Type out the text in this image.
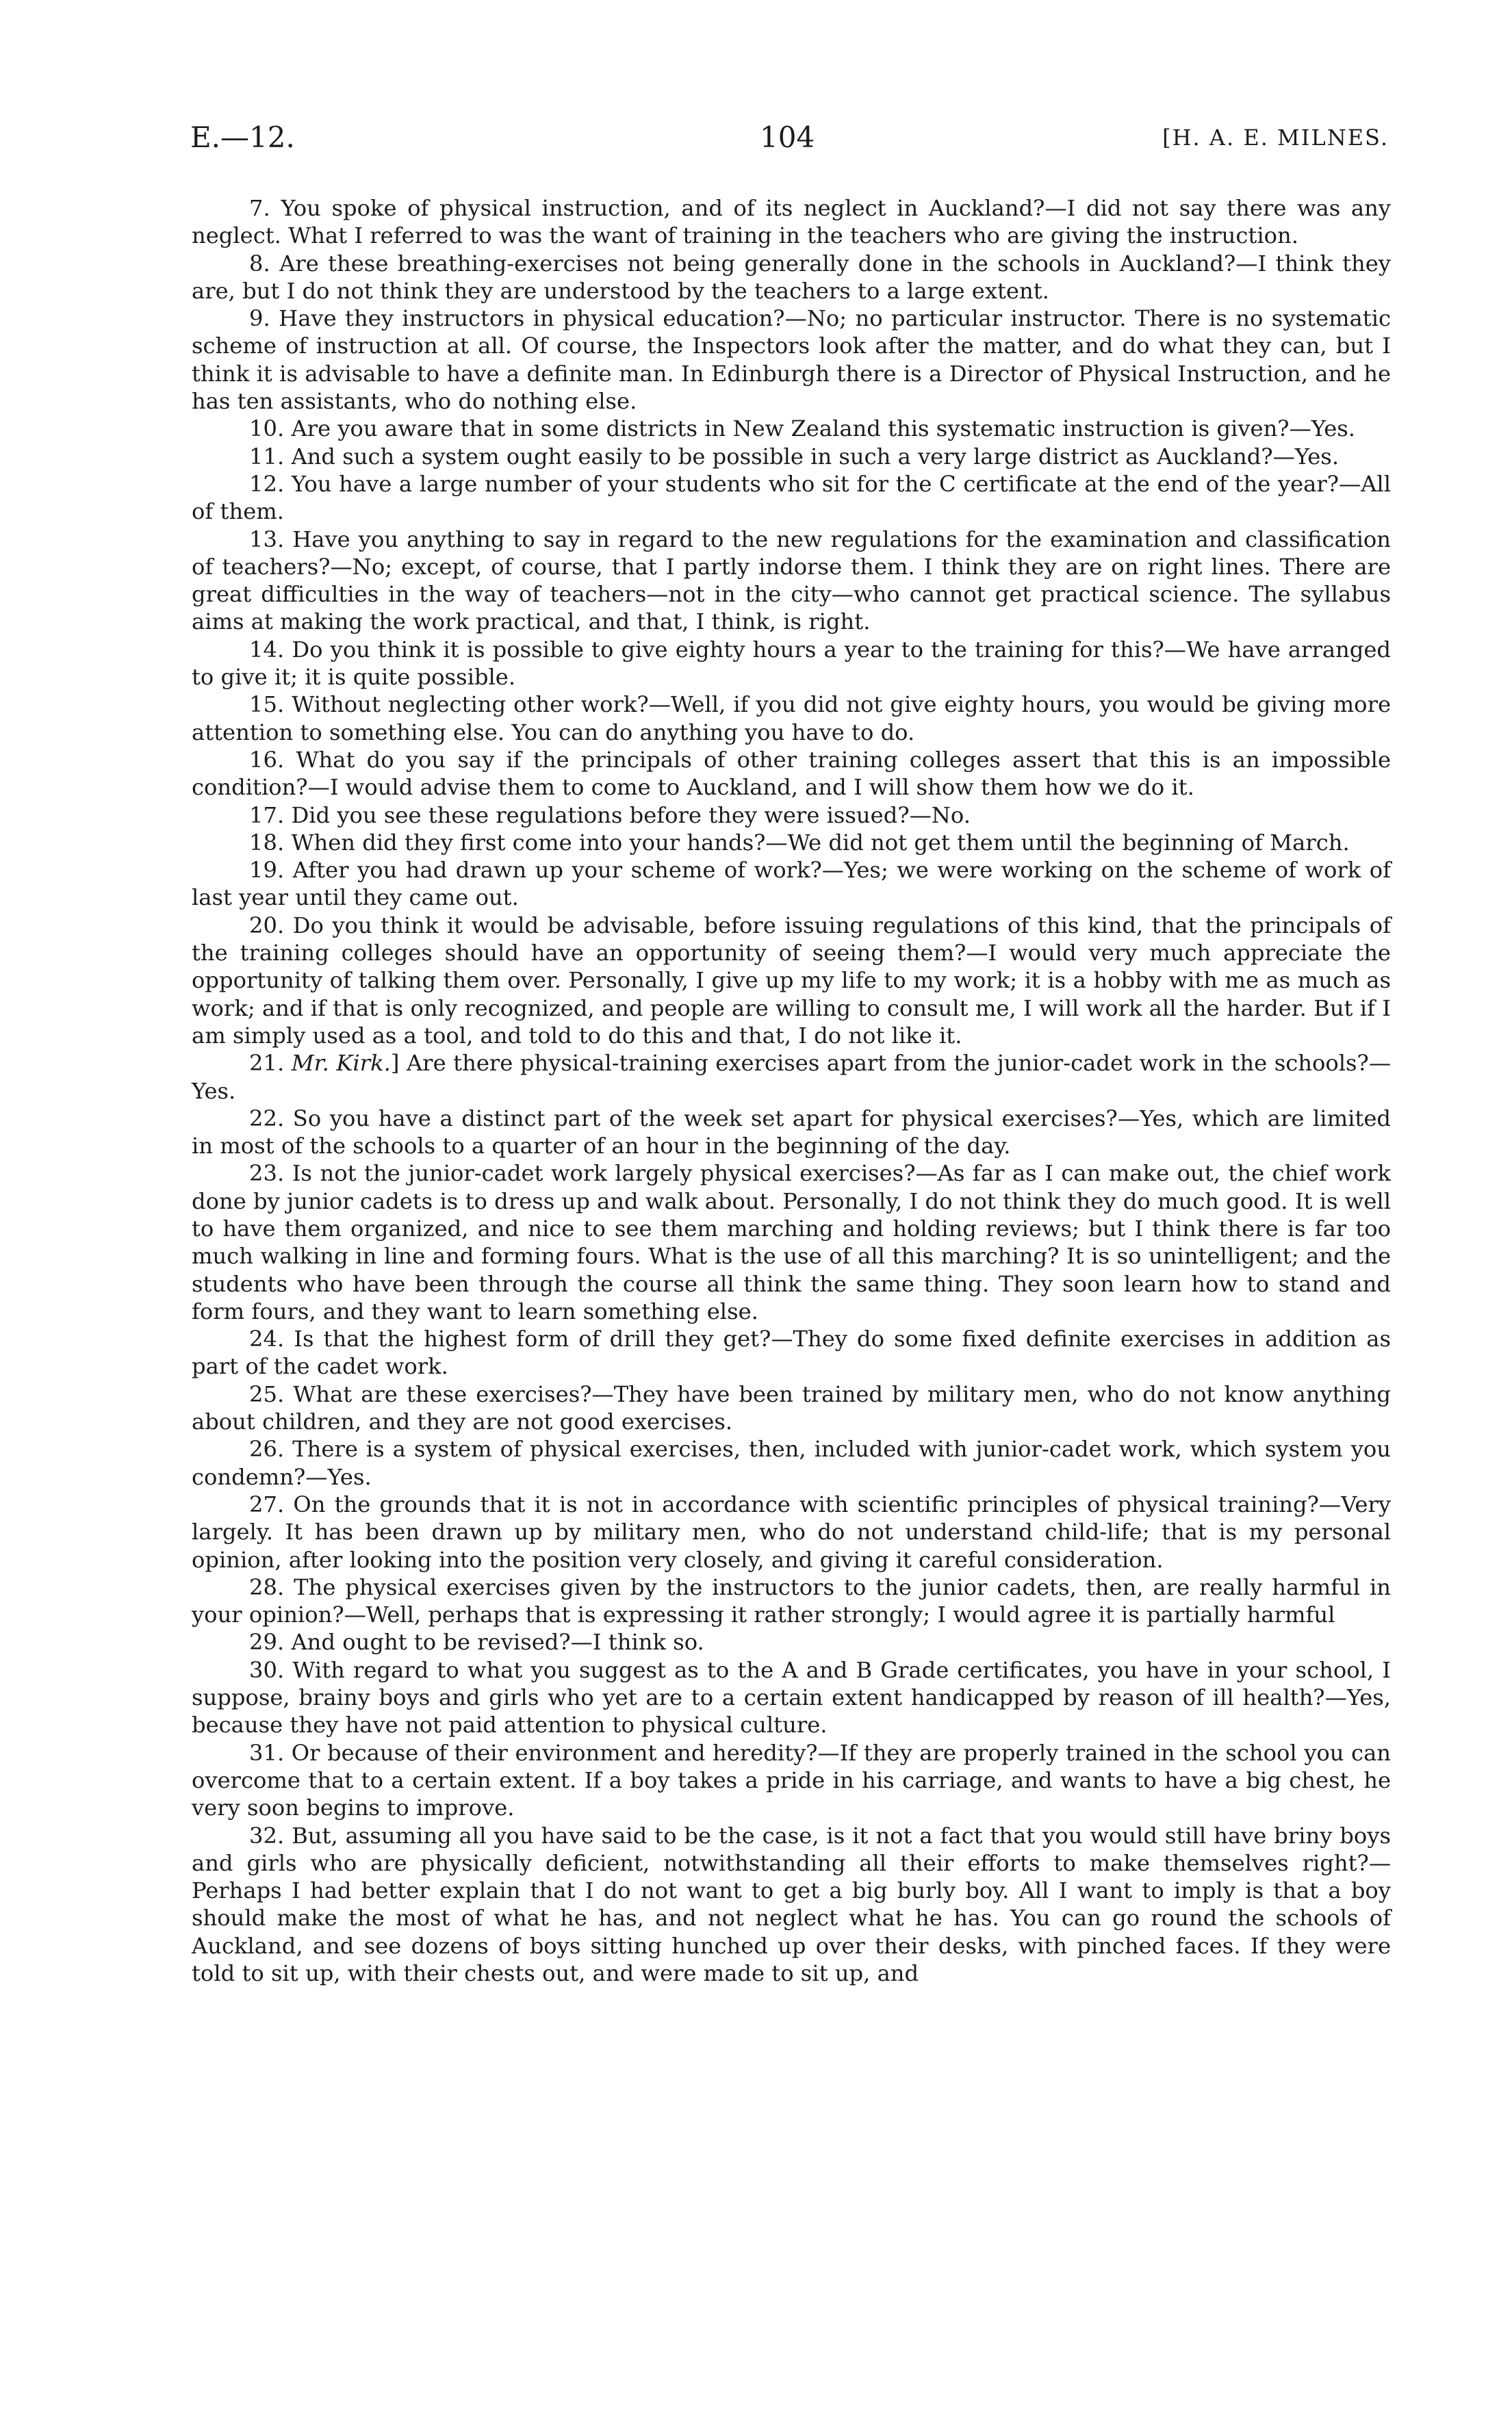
E.—12.	104	[H. A. E. MILNES.

7. You spoke of physical instruction, and of its neglect in Auckland?—I did not say there was any neglect. What I referred to was the want of training in the teachers who are giving the instruction.

8. Are these breathing-exercises not being generally done in the schools in Auckland?—I think they are, but I do not think they are understood by the teachers to a large extent.

9. Have they instructors in physical education?—No; no particular instructor. There is no systematic scheme of instruction at all. Of course, the Inspectors look after the matter, and do what they can, but I think it is advisable to have a definite man. In Edinburgh there is a Director of Physical Instruction, and he has ten assistants, who do nothing else.

10. Are you aware that in some districts in New Zealand this systematic instruction is given?—Yes.

11. And such a system ought easily to be possible in such a very large district as Auckland?—Yes.

12. You have a large number of your students who sit for the C certificate at the end of the year?—All of them.

13. Have you anything to say in regard to the new regulations for the examination and classification of teachers?—No; except, of course, that I partly indorse them. I think they are on right lines. There are great difficulties in the way of teachers—not in the city—who cannot get practical science. The syllabus aims at making the work practical, and that, I think, is right.

14. Do you think it is possible to give eighty hours a year to the training for this?—We have arranged to give it; it is quite possible.

15. Without neglecting other work?—Well, if you did not give eighty hours, you would be giving more attention to something else. You can do anything you have to do.

16. What do you say if the principals of other training colleges assert that this is an impossible condition?—I would advise them to come to Auckland, and I will show them how we do it.

17. Did you see these regulations before they were issued?—No.

18. When did they first come into your hands?—We did not get them until the beginning of March.

19. After you had drawn up your scheme of work?—Yes; we were working on the scheme of work of last year until they came out.

20. Do you think it would be advisable, before issuing regulations of this kind, that the principals of the training colleges should have an opportunity of seeing them?—I would very much appreciate the opportunity of talking them over. Personally, I give up my life to my work; it is a hobby with me as much as work; and if that is only recognized, and people are willing to consult me, I will work all the harder. But if I am simply used as a tool, and told to do this and that, I do not like it.

21. Mr. Kirk.] Are there physical-training exercises apart from the junior-cadet work in the schools?—Yes.

22. So you have a distinct part of the week set apart for physical exercises?—Yes, which are limited in most of the schools to a quarter of an hour in the beginning of the day.

23. Is not the junior-cadet work largely physical exercises?—As far as I can make out, the chief work done by junior cadets is to dress up and walk about. Personally, I do not think they do much good. It is well to have them organized, and nice to see them marching and holding reviews; but I think there is far too much walking in line and forming fours. What is the use of all this marching? It is so unintelligent; and the students who have been through the course all think the same thing. They soon learn how to stand and form fours, and they want to learn something else.

24. Is that the highest form of drill they get?—They do some fixed definite exercises in addition as part of the cadet work.

25. What are these exercises?—They have been trained by military men, who do not know anything about children, and they are not good exercises.

26. There is a system of physical exercises, then, included with junior-cadet work, which system you condemn?—Yes.

27. On the grounds that it is not in accordance with scientific principles of physical training?—Very largely. It has been drawn up by military men, who do not understand child-life; that is my personal opinion, after looking into the position very closely, and giving it careful consideration.

28. The physical exercises given by the instructors to the junior cadets, then, are really harmful in your opinion?—Well, perhaps that is expressing it rather strongly; I would agree it is partially harmful

29. And ought to be revised?—I think so.

30. With regard to what you suggest as to the A and B Grade certificates, you have in your school, I suppose, brainy boys and girls who yet are to a certain extent handicapped by reason of ill health?—Yes, because they have not paid attention to physical culture.

31. Or because of their environment and heredity?—If they are properly trained in the school you can overcome that to a certain extent. If a boy takes a pride in his carriage, and wants to have a big chest, he very soon begins to improve.

32. But, assuming all you have said to be the case, is it not a fact that you would still have briny boys and girls who are physically deficient, notwithstanding all their efforts to make themselves right?—Perhaps I had better explain that I do not want to get a big burly boy. All I want to imply is that a boy should make the most of what he has, and not neglect what he has. You can go round the schools of Auckland, and see dozens of boys sitting hunched up over their desks, with pinched faces. If they were told to sit up, with their chests out, and were made to sit up, and
